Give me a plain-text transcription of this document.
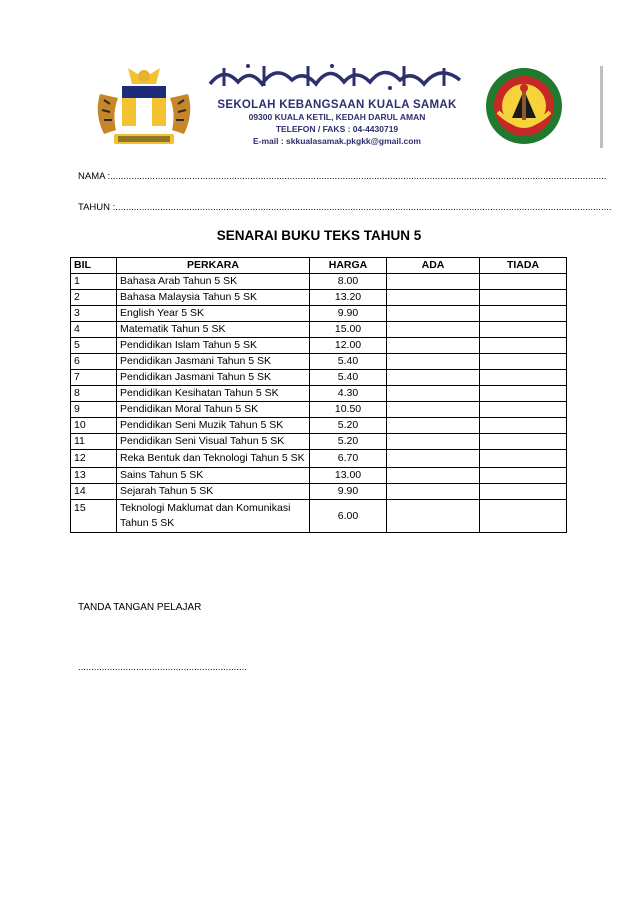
SEKOLAH KEBANGSAAN KUALA SAMAK
09300 KUALA KETIL, KEDAH DARUL AMAN
TELEFON / FAKS : 04-4430719
E-mail : skkualasamak.pkgkk@gmail.com
NAMA :............................................................................................................................................................................................
TAHUN :............................................................................................................................................................................................
SENARAI BUKU TEKS TAHUN 5
BIL	PERKARA	HARGA	ADA	TIADA
1	Bahasa Arab Tahun 5 SK	8.00		
2	Bahasa Malaysia Tahun 5 SK	13.20		
3	English Year 5 SK	9.90		
4	Matematik Tahun 5 SK	15.00		
5	Pendidikan Islam Tahun 5 SK	12.00		
6	Pendidikan Jasmani Tahun 5 SK	5.40		
7	Pendidikan Jasmani Tahun 5 SK	5.40		
8	Pendidikan Kesihatan Tahun 5 SK	4.30		
9	Pendidikan Moral Tahun 5 SK	10.50		
10	Pendidikan Seni Muzik Tahun 5 SK	5.20		
11	Pendidikan Seni Visual Tahun 5 SK	5.20		
12	Reka Bentuk dan Teknologi Tahun 5 SK	6.70		
13	Sains Tahun 5 SK	13.00		
14	Sejarah Tahun 5 SK	9.90		
15	Teknologi Maklumat dan Komunikasi Tahun 5 SK	6.00		
TANDA TANGAN PELAJAR
................................................................
